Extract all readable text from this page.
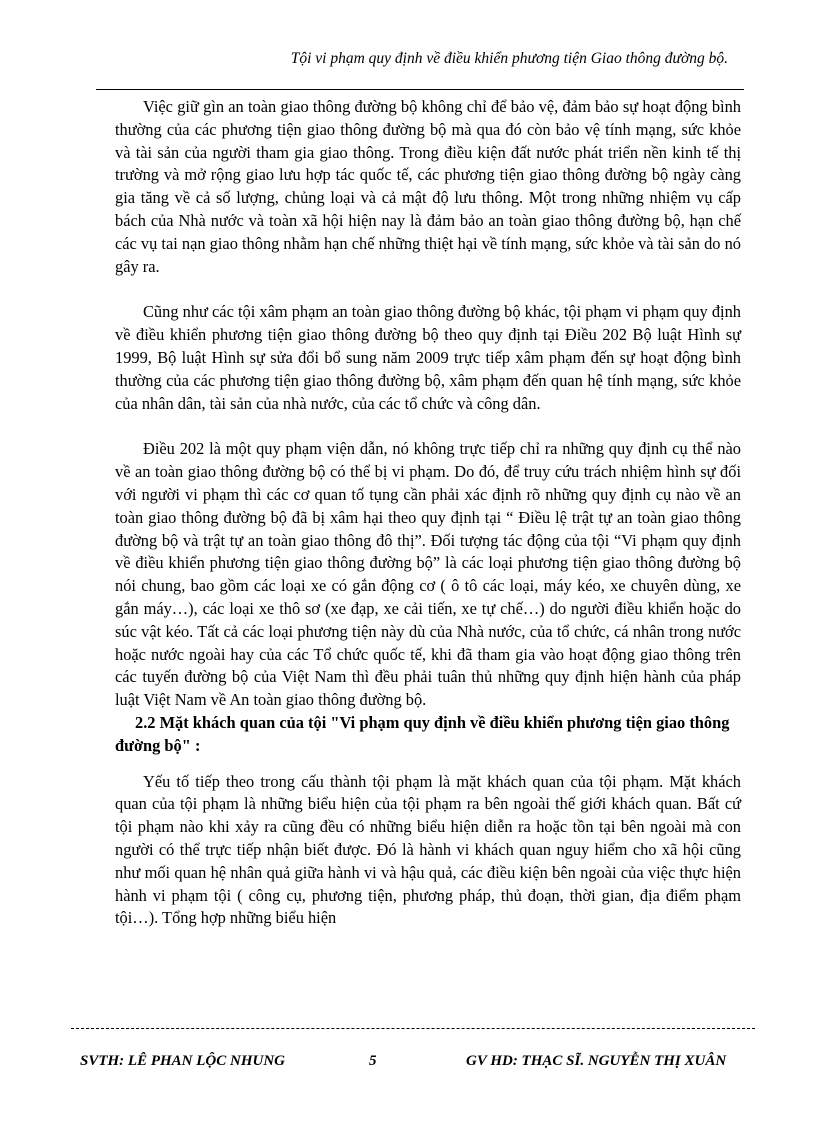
Tội vi phạm quy định về điều khiển phương tiện Giao thông đường bộ.

Việc giữ gìn an toàn giao thông đường bộ không chỉ để bảo vệ, đảm bảo sự hoạt động bình thường của các phương tiện giao thông đường bộ mà qua đó còn bảo vệ tính mạng, sức khỏe và tài sản của người tham gia giao thông. Trong điều kiện đất nước phát triển nền kinh tế thị trường và mở rộng giao lưu hợp tác quốc tế, các phương tiện giao thông đường bộ ngày càng gia tăng về cả số lượng, chủng loại và cả mật độ lưu thông. Một trong những nhiệm vụ cấp bách của Nhà nước và toàn xã hội hiện nay là đảm bảo an toàn giao thông đường bộ, hạn chế các vụ tai nạn giao thông nhằm hạn chế những thiệt hại về tính mạng, sức khỏe và tài sản do nó gây ra.

Cũng như các tội xâm phạm an toàn giao thông đường bộ khác, tội phạm vi phạm quy định về điều khiển phương tiện giao thông đường bộ theo quy định tại Điều 202 Bộ luật Hình sự 1999, Bộ luật Hình sự sửa đổi bổ sung năm 2009 trực tiếp xâm phạm đến sự hoạt động bình thường của các phương tiện giao thông đường bộ, xâm phạm đến quan hệ tính mạng, sức khỏe của nhân dân, tài sản của nhà nước, của các tổ chức và công dân.

Điều 202 là một quy phạm viện dẫn, nó không trực tiếp chỉ ra những quy định cụ thể nào về an toàn giao thông đường bộ có thể bị vi phạm. Do đó, để truy cứu trách nhiệm hình sự đối với người vi phạm thì các cơ quan tố tụng cần phải xác định rõ những quy định cụ nào về an toàn giao thông đường bộ đã bị xâm hại theo quy định tại “ Điều lệ trật tự an toàn giao thông đường bộ và trật tự an toàn giao thông đô thị”. Đối tượng tác động của tội “Vi phạm quy định về điều khiển phương tiện giao thông đường bộ” là các loại phương tiện giao thông đường bộ nói chung, bao gồm các loại xe có gắn động cơ ( ô tô các loại, máy kéo, xe chuyên dùng, xe gắn máy…), các loại xe thô sơ (xe đạp, xe cải tiến, xe tự chế…) do người điều khiển hoặc do súc vật kéo. Tất cả các loại phương tiện này dù của Nhà nước, của tổ chức, cá nhân trong nước hoặc nước ngoài hay của các Tổ chức quốc tế, khi đã tham gia vào hoạt động giao thông trên các tuyến đường bộ của Việt Nam thì đều phải tuân thủ những quy định hiện hành của pháp luật Việt Nam về An toàn giao thông đường bộ.

2.2 Mặt khách quan của tội "Vi phạm quy định về điều khiển phương tiện giao thông đường bộ" :

Yếu tố tiếp theo trong cấu thành tội phạm là mặt khách quan của tội phạm. Mặt khách quan của tội phạm là những biểu hiện của tội phạm ra bên ngoài thế giới khách quan. Bất cứ tội phạm nào khi xảy ra cũng đều có những biểu hiện diễn ra hoặc tồn tại bên ngoài mà con người có thể trực tiếp nhận biết được. Đó là hành vi khách quan nguy hiểm cho xã hội cũng như mối quan hệ nhân quả giữa hành vi và hậu quả, các điều kiện bên ngoài của việc thực hiện hành vi phạm tội ( công cụ, phương tiện, phương pháp, thủ đoạn, thời gian, địa điểm phạm tội…). Tổng hợp những biểu hiện

SVTH: LÊ PHAN LỘC NHUNG	5	GV HD: THẠC SĨ. NGUYỄN THỊ XUÂN
